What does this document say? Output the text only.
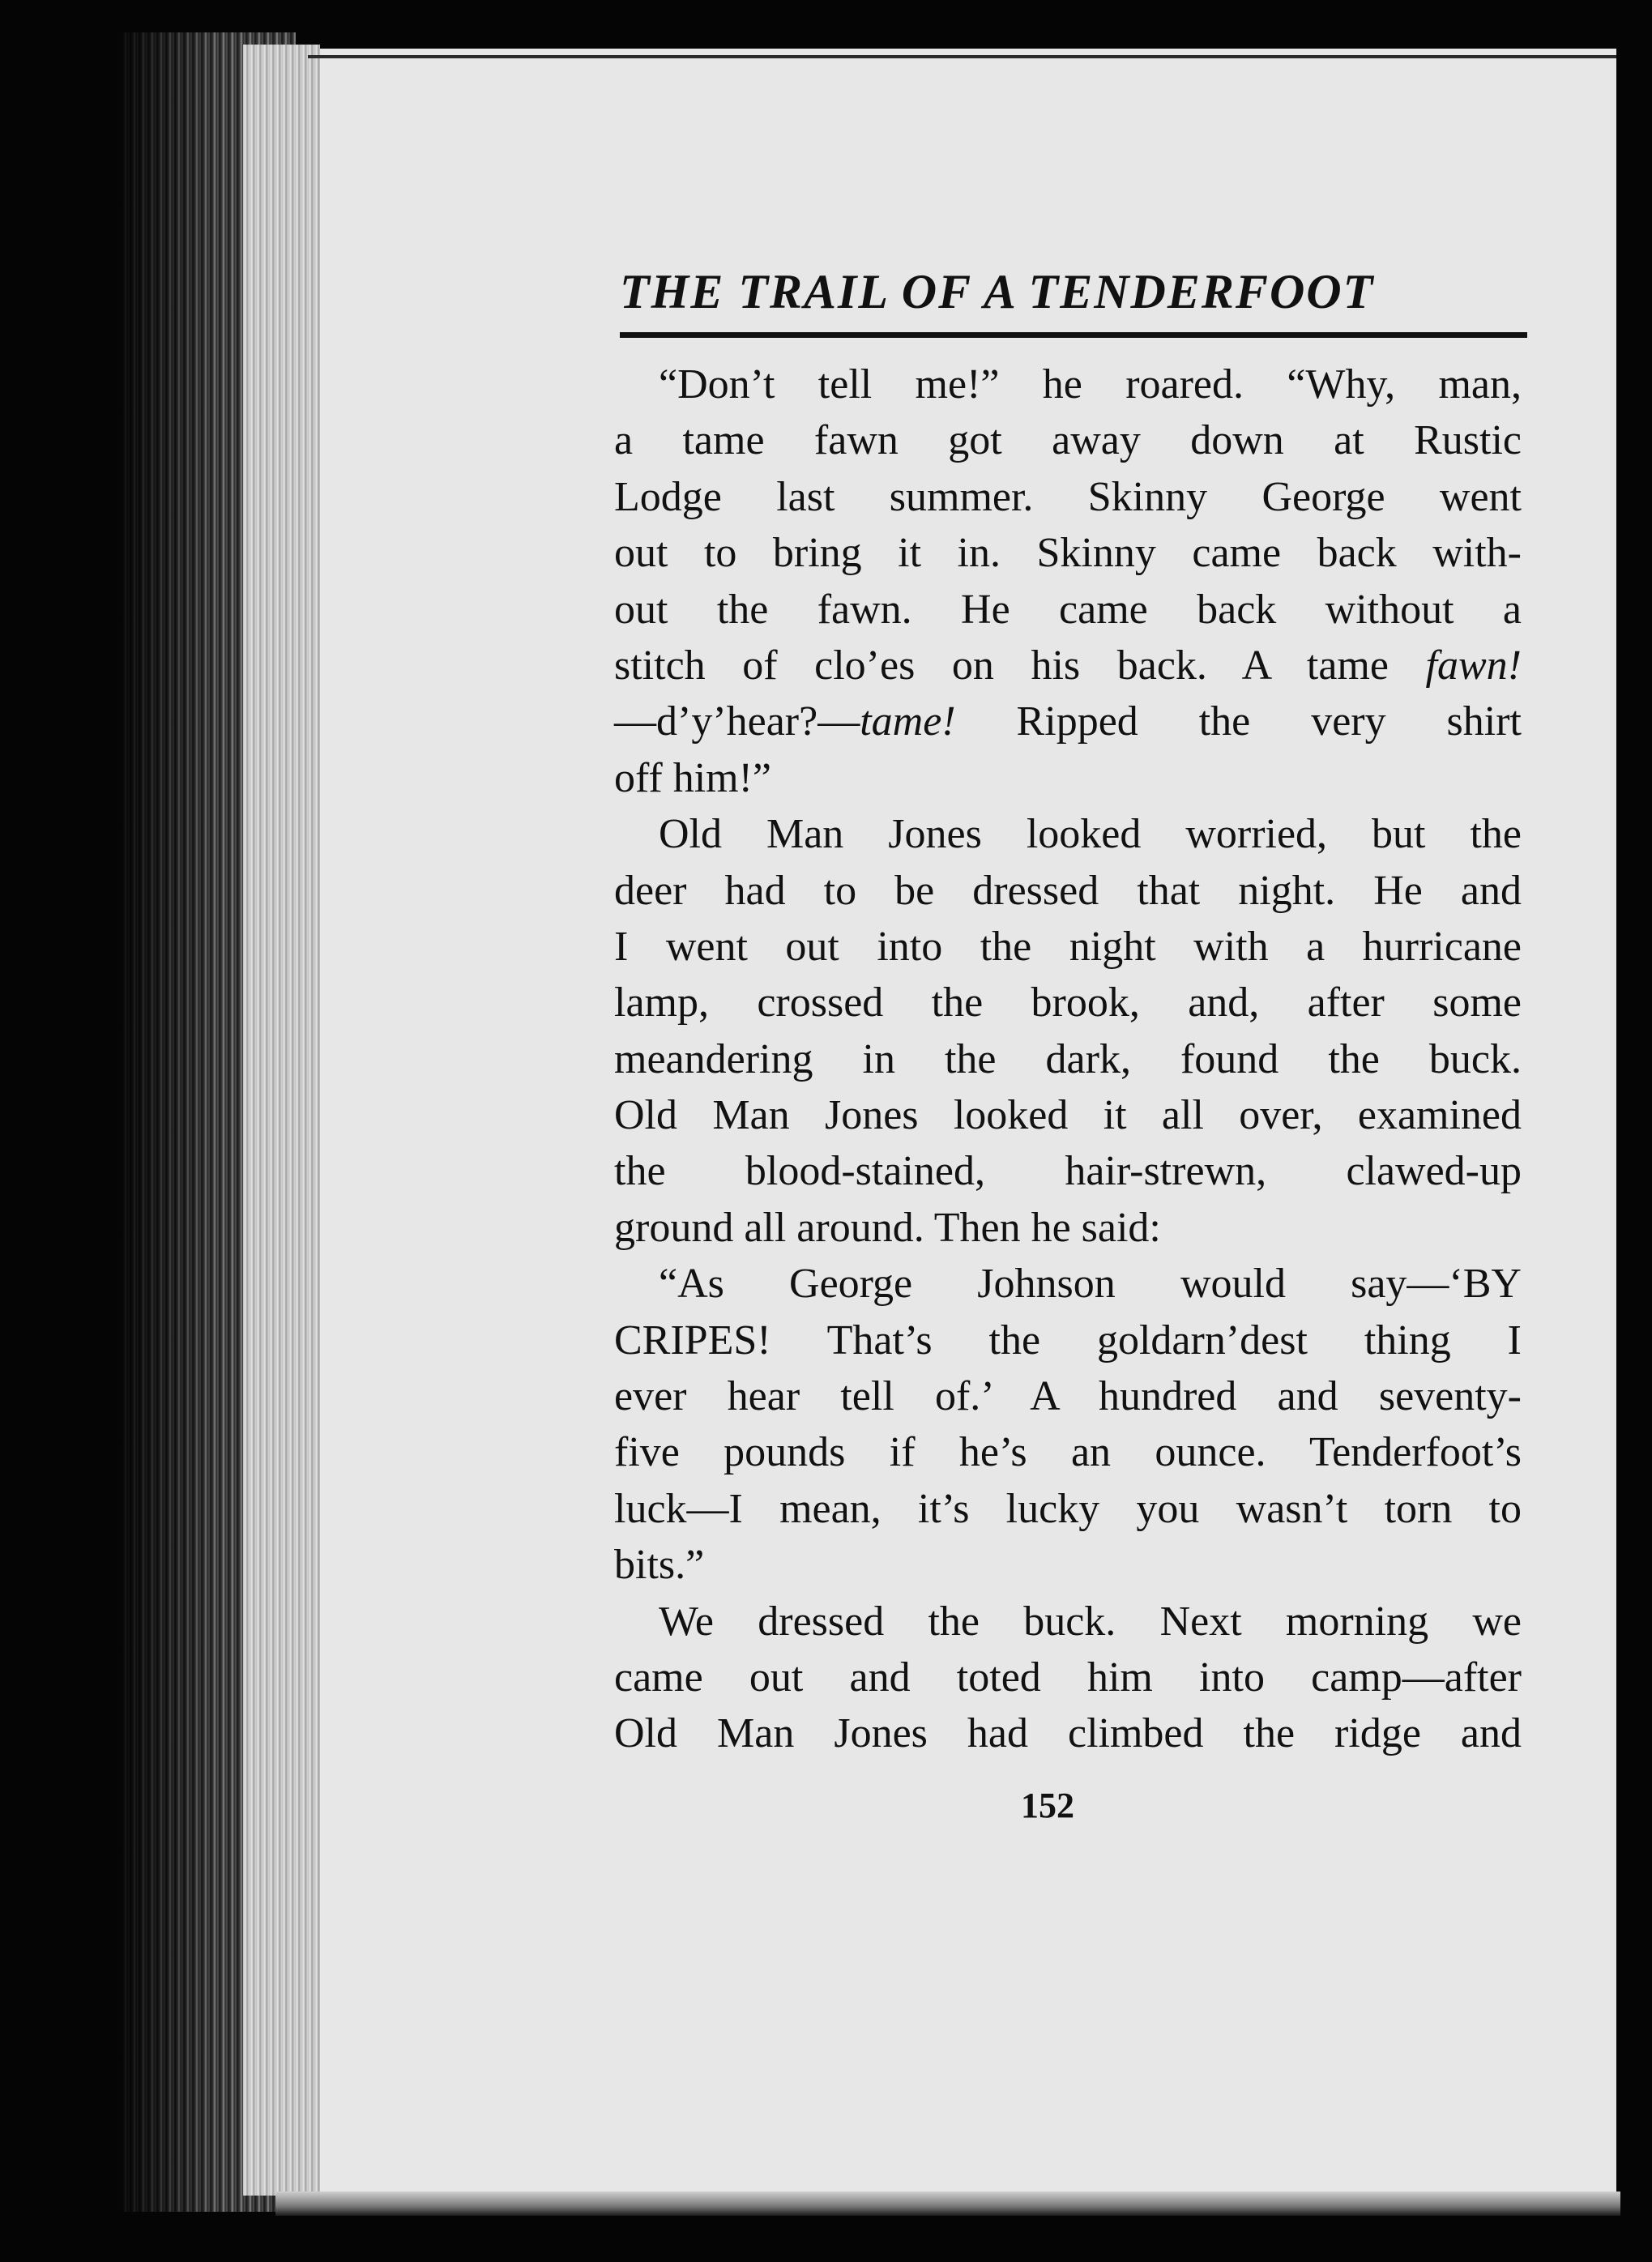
THE TRAIL OF A TENDERFOOT
“Don’t tell me!” he roared. “Why, man,
a tame fawn got away down at Rustic
Lodge last summer. Skinny George went
out to bring it in. Skinny came back with-
out the fawn. He came back without a
stitch of clo’es on his back. A tame fawn!
—d’y’hear?—tame! Ripped the very shirt
off him!”
Old Man Jones looked worried, but the
deer had to be dressed that night. He and
I went out into the night with a hurricane
lamp, crossed the brook, and, after some
meandering in the dark, found the buck.
Old Man Jones looked it all over, examined
the blood-stained, hair-strewn, clawed-up
ground all around. Then he said:
“As George Johnson would say—‘BY
CRIPES! That’s the goldarn’dest thing I
ever hear tell of.’ A hundred and seventy-
five pounds if he’s an ounce. Tenderfoot’s
luck—I mean, it’s lucky you wasn’t torn to
bits.”
We dressed the buck. Next morning we
came out and toted him into camp—after
Old Man Jones had climbed the ridge and
152
